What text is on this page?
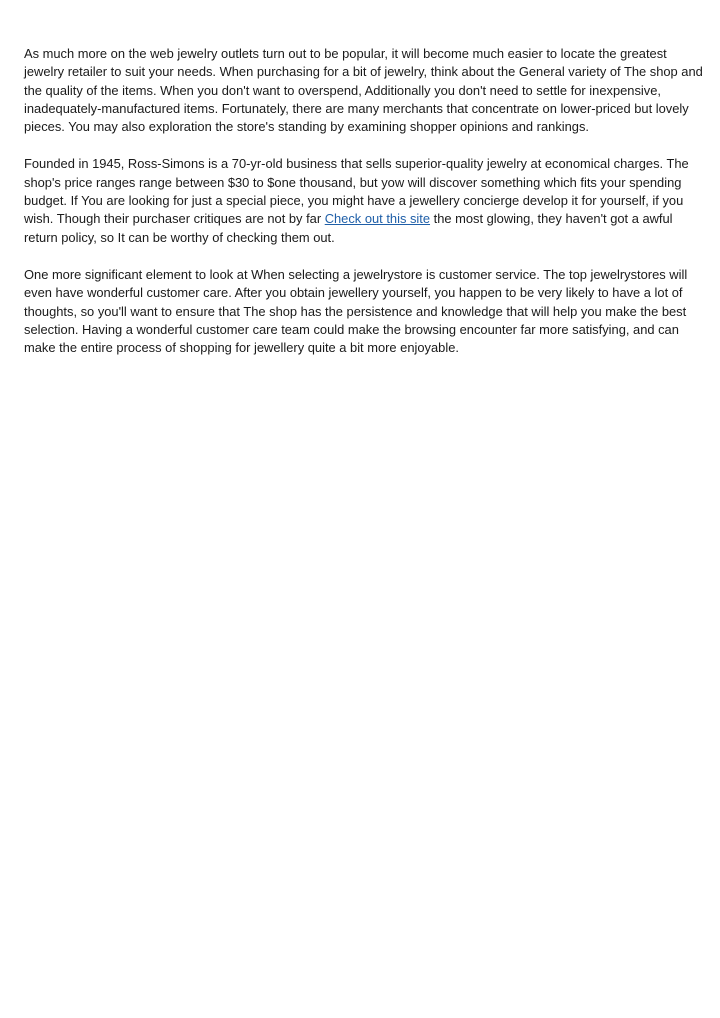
As much more on the web jewelry outlets turn out to be popular, it will become much easier to locate the greatest jewelry retailer to suit your needs. When purchasing for a bit of jewelry, think about the General variety of The shop and the quality of the items. When you don't want to overspend, Additionally you don't need to settle for inexpensive, inadequately-manufactured items. Fortunately, there are many merchants that concentrate on lower-priced but lovely pieces. You may also exploration the store's standing by examining shopper opinions and rankings.

Founded in 1945, Ross-Simons is a 70-yr-old business that sells superior-quality jewelry at economical charges. The shop's price ranges range between $30 to $one thousand, but yow will discover something which fits your spending budget. If You are looking for just a special piece, you might have a jewellery concierge develop it for yourself, if you wish. Though their purchaser critiques are not by far Check out this site the most glowing, they haven't got a awful return policy, so It can be worthy of checking them out.

One more significant element to look at When selecting a jewelrystore is customer service. The top jewelrystores will even have wonderful customer care. After you obtain jewellery yourself, you happen to be very likely to have a lot of thoughts, so you'll want to ensure that The shop has the persistence and knowledge that will help you make the best selection. Having a wonderful customer care team could make the browsing encounter far more satisfying, and can make the entire process of shopping for jewellery quite a bit more enjoyable.
